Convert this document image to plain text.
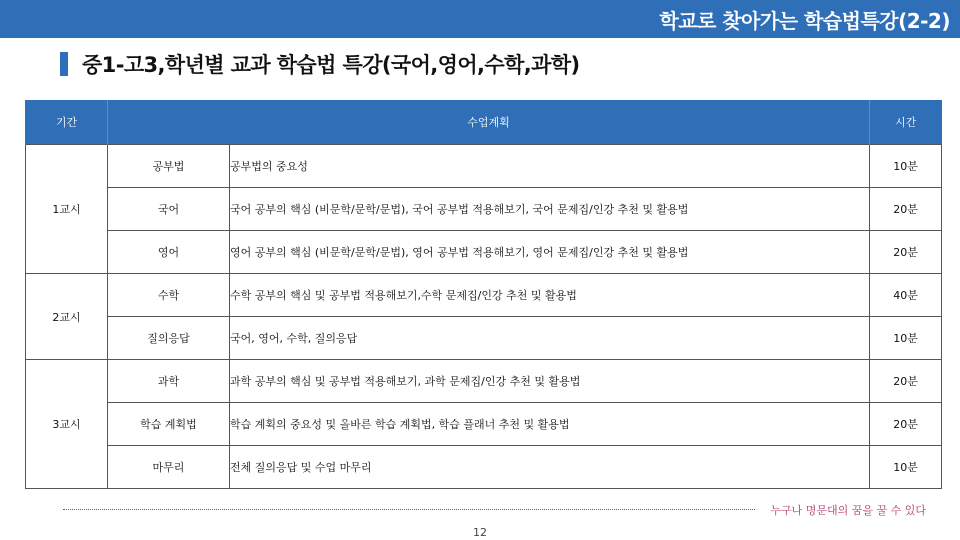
학교로 찾아가는 학습법특강(2-2)
중1-고3,학년별 교과 학습법 특강(국어,영어,수학,과학)
기간	수업계획		시간
1교시	공부법	공부법의 중요성	10분
	국어	국어 공부의 핵심 (비문학/문학/문법), 국어 공부법 적용해보기, 국어 문제집/인강 추천 및 활용법	20분
	영어	영어 공부의 핵심 (비문학/문학/문법), 영어 공부법 적용해보기, 영어 문제집/인강 추천 및 활용법	20분
2교시	수학	수학 공부의 핵심 및 공부법 적용해보기,수학 문제집/인강 추천 및 활용법	40분
	질의응답	국어, 영어, 수학, 질의응답	10분
3교시	과학	과학 공부의 핵심 및 공부법 적용해보기, 과학 문제집/인강 추천 및 활용법	20분
	학습 계획법	학습 계획의 중요성 및 올바른 학습 계획법, 학습 플래너 추천 및 활용법	20분
	마무리	전체 질의응답 및 수업 마무리	10분
누구나 명문대의 꿈을 꿀 수 있다
12
